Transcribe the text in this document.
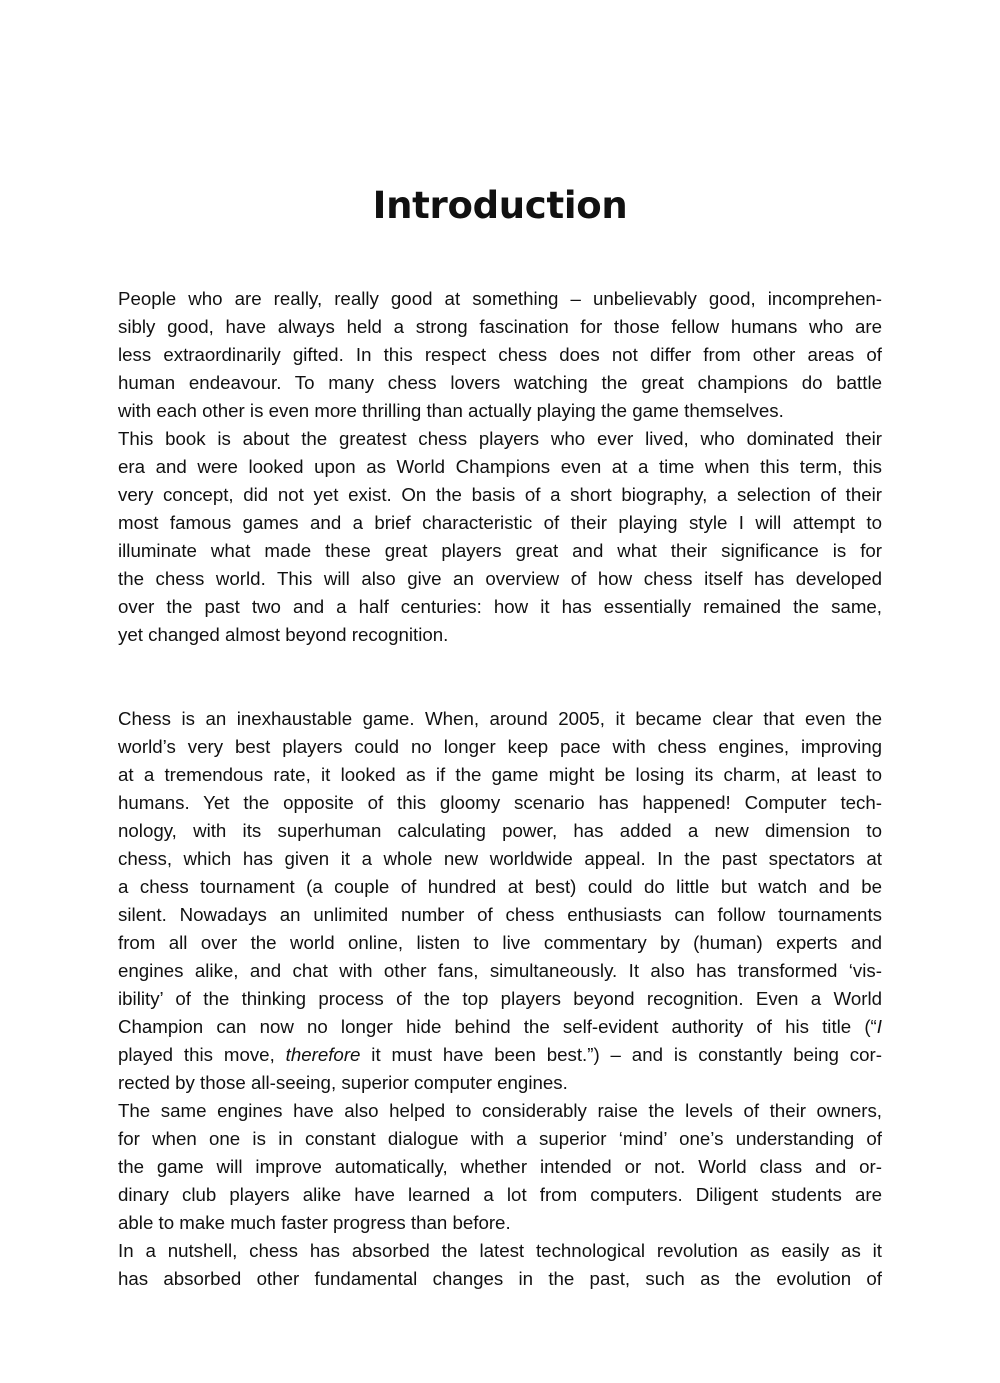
Introduction
People who are really, really good at something – unbelievably good, incomprehen-
sibly good, have always held a strong fascination for those fellow humans who are
less extraordinarily gifted. In this respect chess does not differ from other areas of
human endeavour. To many chess lovers watching the great champions do battle
with each other is even more thrilling than actually playing the game themselves.
This book is about the greatest chess players who ever lived, who dominated their
era and were looked upon as World Champions even at a time when this term, this
very concept, did not yet exist. On the basis of a short biography, a selection of their
most famous games and a brief characteristic of their playing style I will attempt to
illuminate what made these great players great and what their significance is for
the chess world. This will also give an overview of how chess itself has developed
over the past two and a half centuries: how it has essentially remained the same,
yet changed almost beyond recognition.
Chess is an inexhaustable game. When, around 2005, it became clear that even the
world’s very best players could no longer keep pace with chess engines, improving
at a tremendous rate, it looked as if the game might be losing its charm, at least to
humans. Yet the opposite of this gloomy scenario has happened! Computer tech-
nology, with its superhuman calculating power, has added a new dimension to
chess, which has given it a whole new worldwide appeal. In the past spectators at
a chess tournament (a couple of hundred at best) could do little but watch and be
silent. Nowadays an unlimited number of chess enthusiasts can follow tournaments
from all over the world online, listen to live commentary by (human) experts and
engines alike, and chat with other fans, simultaneously. It also has transformed ‘vis-
ibility’ of the thinking process of the top players beyond recognition. Even a World
Champion can now no longer hide behind the self-evident authority of his title (“I
played this move, therefore it must have been best.”) – and is constantly being cor-
rected by those all-seeing, superior computer engines.
The same engines have also helped to considerably raise the levels of their owners,
for when one is in constant dialogue with a superior ‘mind’ one’s understanding of
the game will improve automatically, whether intended or not. World class and or-
dinary club players alike have learned a lot from computers. Diligent students are
able to make much faster progress than before.
In a nutshell, chess has absorbed the latest technological revolution as easily as it
has absorbed other fundamental changes in the past, such as the evolution of
